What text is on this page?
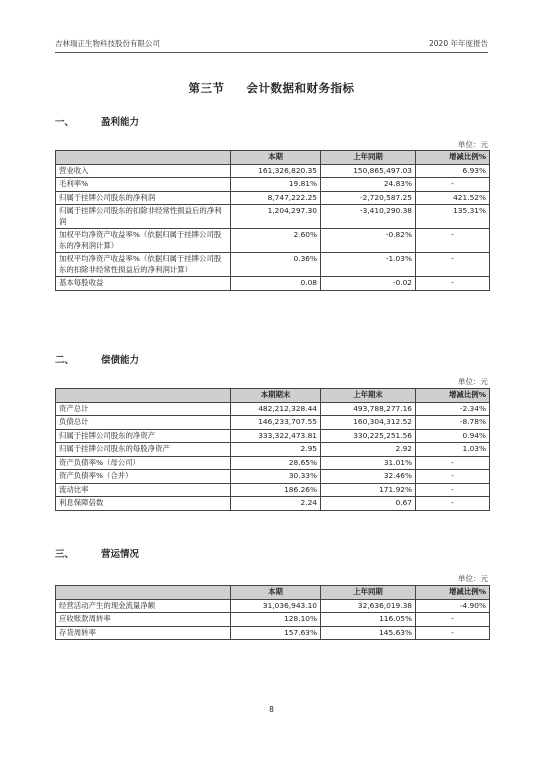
吉林瑞正生物科技股份有限公司	2020 年年度报告
第三节 会计数据和财务指标
一、	盈利能力
单位：元
	本期	上年同期	增减比例%
营业收入	161,326,820.35	150,865,497.03	6.93%
毛利率%	19.81%	24.83%	-
归属于挂牌公司股东的净利润	8,747,222.25	-2,720,587.25	421.52%
归属于挂牌公司股东的扣除非经常性损益后的净利润	1,204,297.30	-3,410,290.38	135.31%
加权平均净资产收益率%（依据归属于挂牌公司股东的净利润计算）	2.60%	-0.82%	-
加权平均净资产收益率%（依据归属于挂牌公司股东的扣除非经常性损益后的净利润计算）	0.36%	-1.03%	-
基本每股收益	0.08	-0.02	-
二、	偿债能力
单位：元
	本期期末	上年期末	增减比例%
资产总计	482,212,328.44	493,788,277.16	-2.34%
负债总计	146,233,707.55	160,304,312.52	-8.78%
归属于挂牌公司股东的净资产	333,322,473.81	330,225,251.56	0.94%
归属于挂牌公司股东的每股净资产	2.95	2.92	1.03%
资产负债率%（母公司）	28.65%	31.01%	-
资产负债率%（合并）	30.33%	32.46%	-
流动比率	186.26%	171.92%	-
利息保障倍数	2.24	0.67	-
三、	营运情况
单位：元
	本期	上年同期	增减比例%
经营活动产生的现金流量净额	31,036,943.10	32,636,019.38	-4.90%
应收账款周转率	128.10%	116.05%	-
存货周转率	157.63%	145.63%	-
8
